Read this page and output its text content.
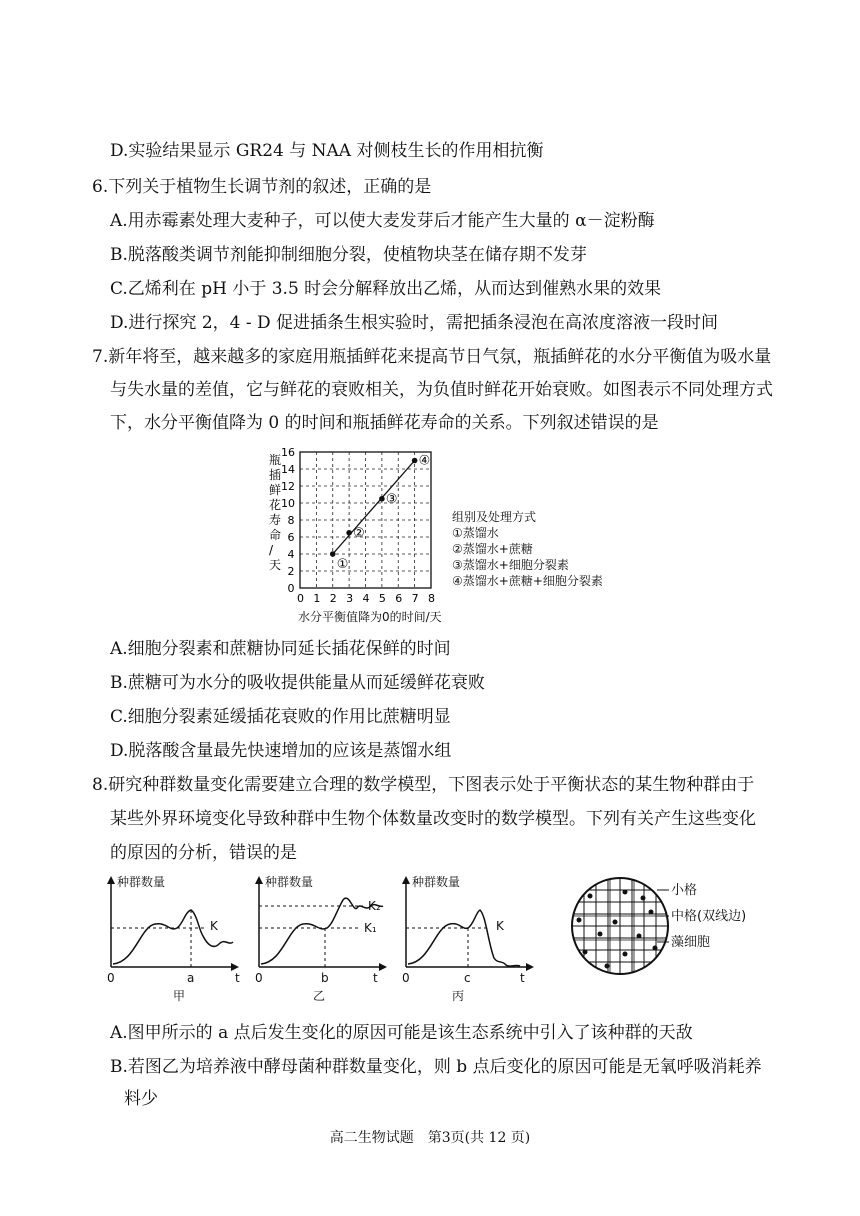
D.实验结果显示 GR24 与 NAA 对侧枝生长的作用相抗衡
6.下列关于植物生长调节剂的叙述，正确的是
A.用赤霉素处理大麦种子，可以使大麦发芽后才能产生大量的 α－淀粉酶
B.脱落酸类调节剂能抑制细胞分裂，使植物块茎在储存期不发芽
C.乙烯利在 pH 小于 3.5 时会分解释放出乙烯，从而达到催熟水果的效果
D.进行探究 2，4 - D 促进插条生根实验时，需把插条浸泡在高浓度溶液一段时间
7.新年将至，越来越多的家庭用瓶插鲜花来提高节日气氛，瓶插鲜花的水分平衡值为吸水量
与失水量的差值，它与鲜花的衰败相关，为负值时鲜花开始衰败。如图表示不同处理方式
下，水分平衡值降为 0 的时间和瓶插鲜花寿命的关系。下列叙述错误的是
瓶插鲜花寿命/天
0 1 2 3 4 5 6 7 8
0
2
4
6
8
10
12
14
16
①
②
③
④
水分平衡值降为0的时间/天
组别及处理方式
①蒸馏水
②蒸馏水+蔗糖
③蒸馏水+细胞分裂素
④蒸馏水+蔗糖+细胞分裂素
A.细胞分裂素和蔗糖协同延长插花保鲜的时间
B.蔗糖可为水分的吸收提供能量从而延缓鲜花衰败
C.细胞分裂素延缓插花衰败的作用比蔗糖明显
D.脱落酸含量最先快速增加的应该是蒸馏水组
8.研究种群数量变化需要建立合理的数学模型，下图表示处于平衡状态的某生物种群由于
某些外界环境变化导致种群中生物个体数量改变时的数学模型。下列有关产生这些变化
的原因的分析，错误的是
种群数量
K
0	a	t
甲
种群数量
K₂
K₁
0	b	t
乙
种群数量
K
0	c	t
丙
小格
中格(双线边)
藻细胞
A.图甲所示的 a 点后发生变化的原因可能是该生态系统中引入了该种群的天敌
B.若图乙为培养液中酵母菌种群数量变化，则 b 点后变化的原因可能是无氧呼吸消耗养
料少
高二生物试题　第3页(共 12 页)
